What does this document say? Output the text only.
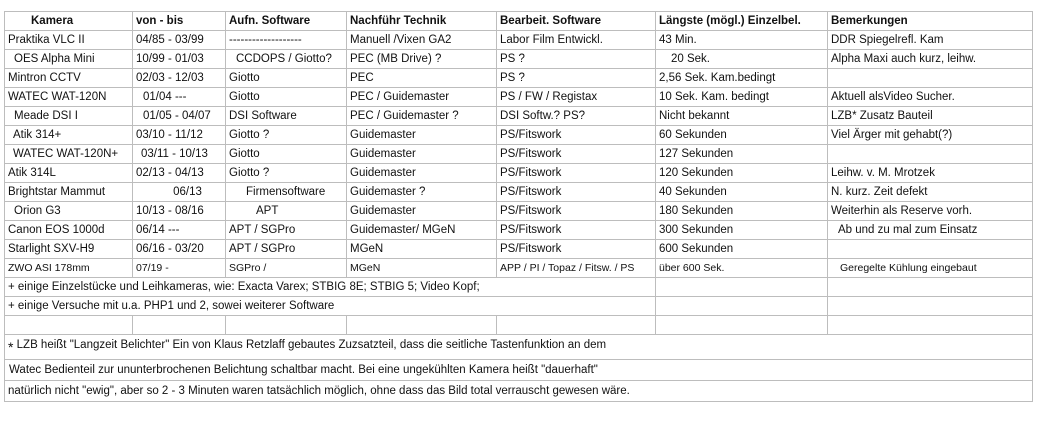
Kamera	von - bis	Aufn. Software	Nachführ Technik	Bearbeit. Software	Längste (mögl.) Einzelbel.	Bemerkungen
Praktika VLC II	04/85 - 03/99	-------------------	Manuell /Vixen GA2	Labor Film Entwickl.	43 Min.	DDR Spiegelrefl. Kam
OES Alpha Mini	10/99 - 01/03	CCDOPS / Giotto?	PEC (MB Drive) ?	PS ?	20 Sek.	Alpha Maxi auch kurz, leihw.
Mintron CCTV	02/03 - 12/03	Giotto	PEC	PS ?	2,56 Sek. Kam.bedingt	
WATEC WAT-120N	01/04 ---	Giotto	PEC / Guidemaster	PS / FW / Registax	10 Sek. Kam. bedingt	Aktuell alsVideo Sucher.
Meade DSI I	01/05 - 04/07	DSI Software	PEC / Guidemaster ?	DSI Softw.? PS?	Nicht bekannt	LZB* Zusatz Bauteil
Atik 314+	03/10 - 11/12	Giotto ?	Guidemaster	PS/Fitswork	60 Sekunden	Viel Ärger mit gehabt(?)
WATEC WAT-120N+	03/11 - 10/13	Giotto	Guidemaster	PS/Fitswork	127 Sekunden	
Atik 314L	02/13 - 04/13	Giotto ?	Guidemaster	PS/Fitswork	120 Sekunden	Leihw. v. M. Mrotzek
Brightstar Mammut	06/13	Firmensoftware	Guidemaster ?	PS/Fitswork	40 Sekunden	N. kurz. Zeit defekt
Orion G3	10/13 - 08/16	APT	Guidemaster	PS/Fitswork	180 Sekunden	Weiterhin als Reserve vorh.
Canon EOS 1000d	06/14 ---	APT / SGPro	Guidemaster/ MGeN	PS/Fitswork	300 Sekunden	Ab und zu mal zum Einsatz
Starlight SXV-H9	06/16 - 03/20	APT / SGPro	MGeN	PS/Fitswork	600 Sekunden	
ZWO ASI 178mm	07/19 -	SGPro /	MGeN	APP / PI / Topaz / Fitsw. / PS	über 600 Sek.	Geregelte Kühlung eingebaut
+ einige Einzelstücke und Leihkameras, wie: Exacta Varex; STBIG 8E; STBIG 5; Video Kopf;						
+ einige Versuche mit u.a. PHP1 und 2, sowei weiterer Software						

* LZB heißt "Langzeit Belichter" Ein von Klaus Retzlaff gebautes Zuzsatzteil, dass die seitliche Tastenfunktion an dem						
Watec Bedienteil zur ununterbrochenen Belichtung schaltbar macht. Bei eine ungekühlten Kamera heißt "dauerhaft"						
natürlich nicht "ewig", aber so 2 - 3 Minuten waren tatsächlich möglich, ohne dass das Bild total verrauscht gewesen wäre.						
